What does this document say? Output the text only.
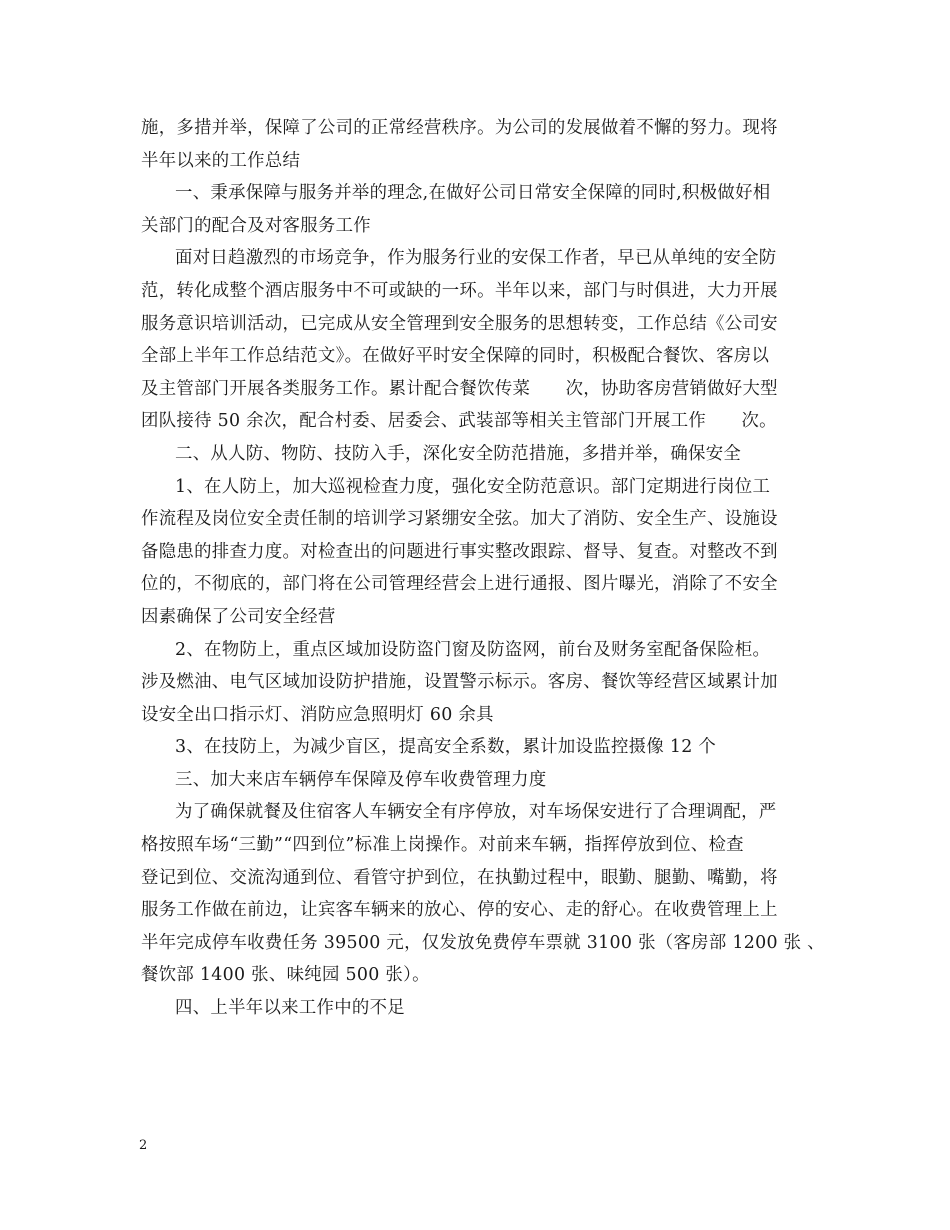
施，多措并举，保障了公司的正常经营秩序。为公司的发展做着不懈的努力。现将
半年以来的工作总结
一、秉承保障与服务并举的理念,在做好公司日常安全保障的同时,积极做好相
关部门的配合及对客服务工作
面对日趋激烈的市场竞争，作为服务行业的安保工作者，早已从单纯的安全防
范，转化成整个酒店服务中不可或缺的一环。半年以来，部门与时俱进，大力开展
服务意识培训活动，已完成从安全管理到安全服务的思想转变，工作总结《公司安
全部上半年工作总结范文》。在做好平时安全保障的同时，积极配合餐饮、客房以
及主管部门开展各类服务工作。累计配合餐饮传菜　　次，协助客房营销做好大型
团队接待 50 余次，配合村委、居委会、武装部等相关主管部门开展工作　　次。
二、从人防、物防、技防入手，深化安全防范措施，多措并举，确保安全
1、在人防上，加大巡视检查力度，强化安全防范意识。部门定期进行岗位工
作流程及岗位安全责任制的培训学习紧绷安全弦。加大了消防、安全生产、设施设
备隐患的排查力度。对检查出的问题进行事实整改跟踪、督导、复查。对整改不到
位的，不彻底的，部门将在公司管理经营会上进行通报、图片曝光，消除了不安全
因素确保了公司安全经营
2、在物防上，重点区域加设防盗门窗及防盗网，前台及财务室配备保险柜。
涉及燃油、电气区域加设防护措施，设置警示标示。客房、餐饮等经营区域累计加
设安全出口指示灯、消防应急照明灯 60 余具
3、在技防上，为减少盲区，提高安全系数，累计加设监控摄像 12 个
三、加大来店车辆停车保障及停车收费管理力度
为了确保就餐及住宿客人车辆安全有序停放，对车场保安进行了合理调配，严
格按照车场“三勤”“四到位”标准上岗操作。对前来车辆，指挥停放到位、检查
登记到位、交流沟通到位、看管守护到位，在执勤过程中，眼勤、腿勤、嘴勤，将
服务工作做在前边，让宾客车辆来的放心、停的安心、走的舒心。在收费管理上上
半年完成停车收费任务 39500 元，仅发放免费停车票就 3100 张（客房部 1200 张 、
餐饮部 1400 张、味纯园 500 张）。
四、上半年以来工作中的不足
2
